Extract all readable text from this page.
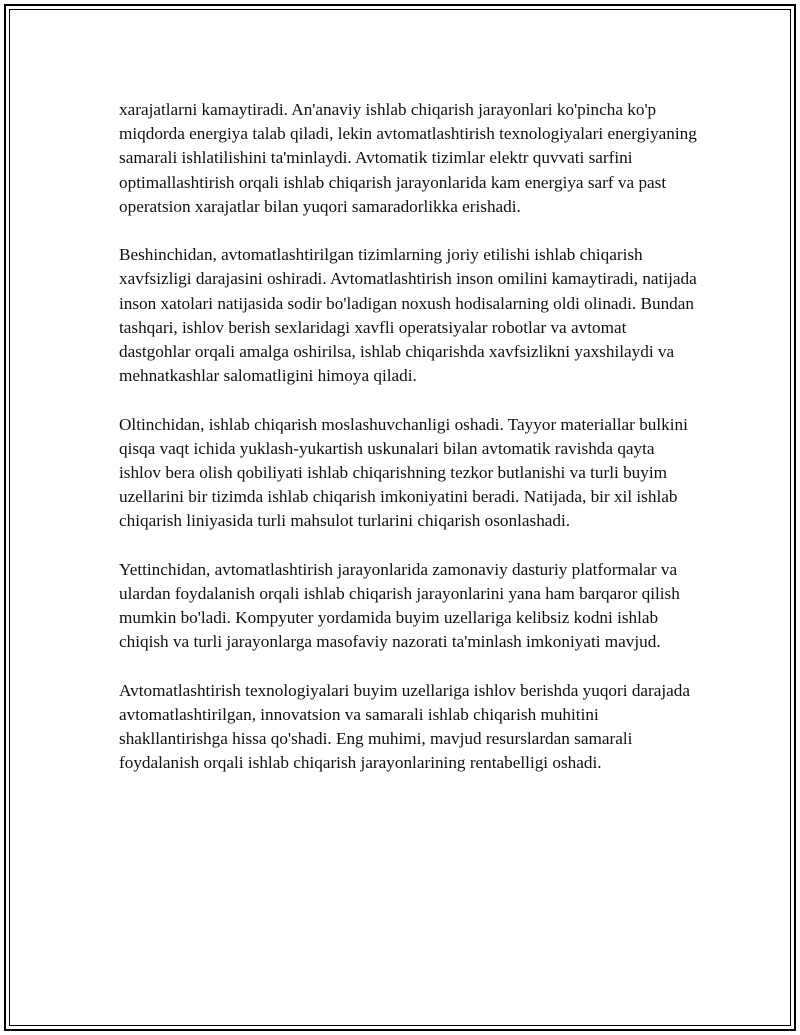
xarajatlarni kamaytiradi. An'anaviy ishlab chiqarish jarayonlari ko'pincha ko'p miqdorda energiya talab qiladi, lekin avtomatlashtirish texnologiyalari energiyaning samarali ishlatilishini ta'minlaydi. Avtomatik tizimlar elektr quvvati sarfini optimallashtirish orqali ishlab chiqarish jarayonlarida kam energiya sarf va past operatsion xarajatlar bilan yuqori samaradorlikka erishadi.

Beshinchidan, avtomatlashtirilgan tizimlarning joriy etilishi ishlab chiqarish xavfsizligi darajasini oshiradi. Avtomatlashtirish inson omilini kamaytiradi, natijada inson xatolari natijasida sodir bo'ladigan noxush hodisalarning oldi olinadi. Bundan tashqari, ishlov berish sexlaridagi xavfli operatsiyalar robotlar va avtomat dastgohlar orqali amalga oshirilsa, ishlab chiqarishda xavfsizlikni yaxshilaydi va mehnatkashlar salomatligini himoya qiladi.

Oltinchidan, ishlab chiqarish moslashuvchanligi oshadi. Tayyor materiallar bulkini qisqa vaqt ichida yuklash-yukartish uskunalari bilan avtomatik ravishda qayta ishlov bera olish qobiliyati ishlab chiqarishning tezkor butlanishi va turli buyim uzellarini bir tizimda ishlab chiqarish imkoniyatini beradi. Natijada, bir xil ishlab chiqarish liniyasida turli mahsulot turlarini chiqarish osonlashadi.

Yettinchidan, avtomatlashtirish jarayonlarida zamonaviy dasturiy platformalar va ulardan foydalanish orqali ishlab chiqarish jarayonlarini yana ham barqaror qilish mumkin bo'ladi. Kompyuter yordamida buyim uzellariga kelibsiz kodni ishlab chiqish va turli jarayonlarga masofaviy nazorati ta'minlash imkoniyati mavjud.

Avtomatlashtirish texnologiyalari buyim uzellariga ishlov berishda yuqori darajada avtomatlashtirilgan, innovatsion va samarali ishlab chiqarish muhitini shakllantirishga hissa qo'shadi. Eng muhimi, mavjud resurslardan samarali foydalanish orqali ishlab chiqarish jarayonlarining rentabelligi oshadi.
